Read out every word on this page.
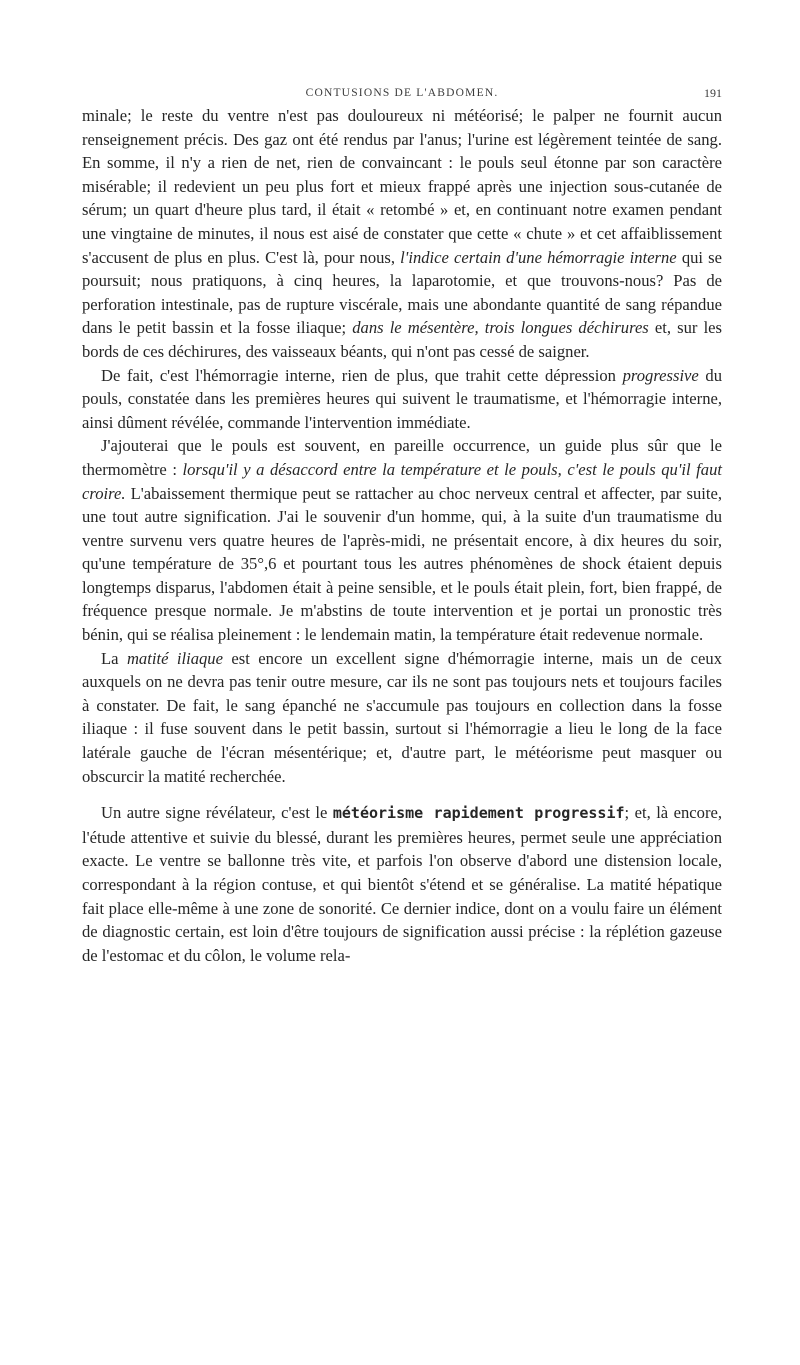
CONTUSIONS DE L'ABDOMEN.	191

minale; le reste du ventre n'est pas douloureux ni météorisé; le palper ne fournit aucun renseignement précis. Des gaz ont été rendus par l'anus; l'urine est légèrement teintée de sang. En somme, il n'y a rien de net, rien de convaincant : le pouls seul étonne par son caractère misérable; il redevient un peu plus fort et mieux frappé après une injection sous-cutanée de sérum; un quart d'heure plus tard, il était « retombé » et, en continuant notre examen pendant une vingtaine de minutes, il nous est aisé de constater que cette « chute » et cet affaiblissement s'accusent de plus en plus. C'est là, pour nous, l'indice certain d'une hémorragie interne qui se poursuit; nous pratiquons, à cinq heures, la laparotomie, et que trouvons-nous? Pas de perforation intestinale, pas de rupture viscérale, mais une abondante quantité de sang répandue dans le petit bassin et la fosse iliaque; dans le mésentère, trois longues déchirures et, sur les bords de ces déchirures, des vaisseaux béants, qui n'ont pas cessé de saigner.

De fait, c'est l'hémorragie interne, rien de plus, que trahit cette dépression progressive du pouls, constatée dans les premières heures qui suivent le traumatisme, et l'hémorragie interne, ainsi dûment révélée, commande l'intervention immédiate.

J'ajouterai que le pouls est souvent, en pareille occurrence, un guide plus sûr que le thermomètre : lorsqu'il y a désaccord entre la température et le pouls, c'est le pouls qu'il faut croire. L'abaissement thermique peut se rattacher au choc nerveux central et affecter, par suite, une tout autre signification. J'ai le souvenir d'un homme, qui, à la suite d'un traumatisme du ventre survenu vers quatre heures de l'après-midi, ne présentait encore, à dix heures du soir, qu'une température de 35°,6 et pourtant tous les autres phénomènes de shock étaient depuis longtemps disparus, l'abdomen était à peine sensible, et le pouls était plein, fort, bien frappé, de fréquence presque normale. Je m'abstins de toute intervention et je portai un pronostic très bénin, qui se réalisa pleinement : le lendemain matin, la température était redevenue normale.

La matité iliaque est encore un excellent signe d'hémorragie interne, mais un de ceux auxquels on ne devra pas tenir outre mesure, car ils ne sont pas toujours nets et toujours faciles à constater. De fait, le sang épanché ne s'accumule pas toujours en collection dans la fosse iliaque : il fuse souvent dans le petit bassin, surtout si l'hémorragie a lieu le long de la face latérale gauche de l'écran mésentérique; et, d'autre part, le météorisme peut masquer ou obscurcir la matité recherchée.

Un autre signe révélateur, c'est le météorisme rapidement progressif; et, là encore, l'étude attentive et suivie du blessé, durant les premières heures, permet seule une appréciation exacte. Le ventre se ballonne très vite, et parfois l'on observe d'abord une distension locale, correspondant à la région contuse, et qui bientôt s'étend et se généralise. La matité hépatique fait place elle-même à une zone de sonorité. Ce dernier indice, dont on a voulu faire un élément de diagnostic certain, est loin d'être toujours de signification aussi précise : la réplétion gazeuse de l'estomac et du côlon, le volume rela-
